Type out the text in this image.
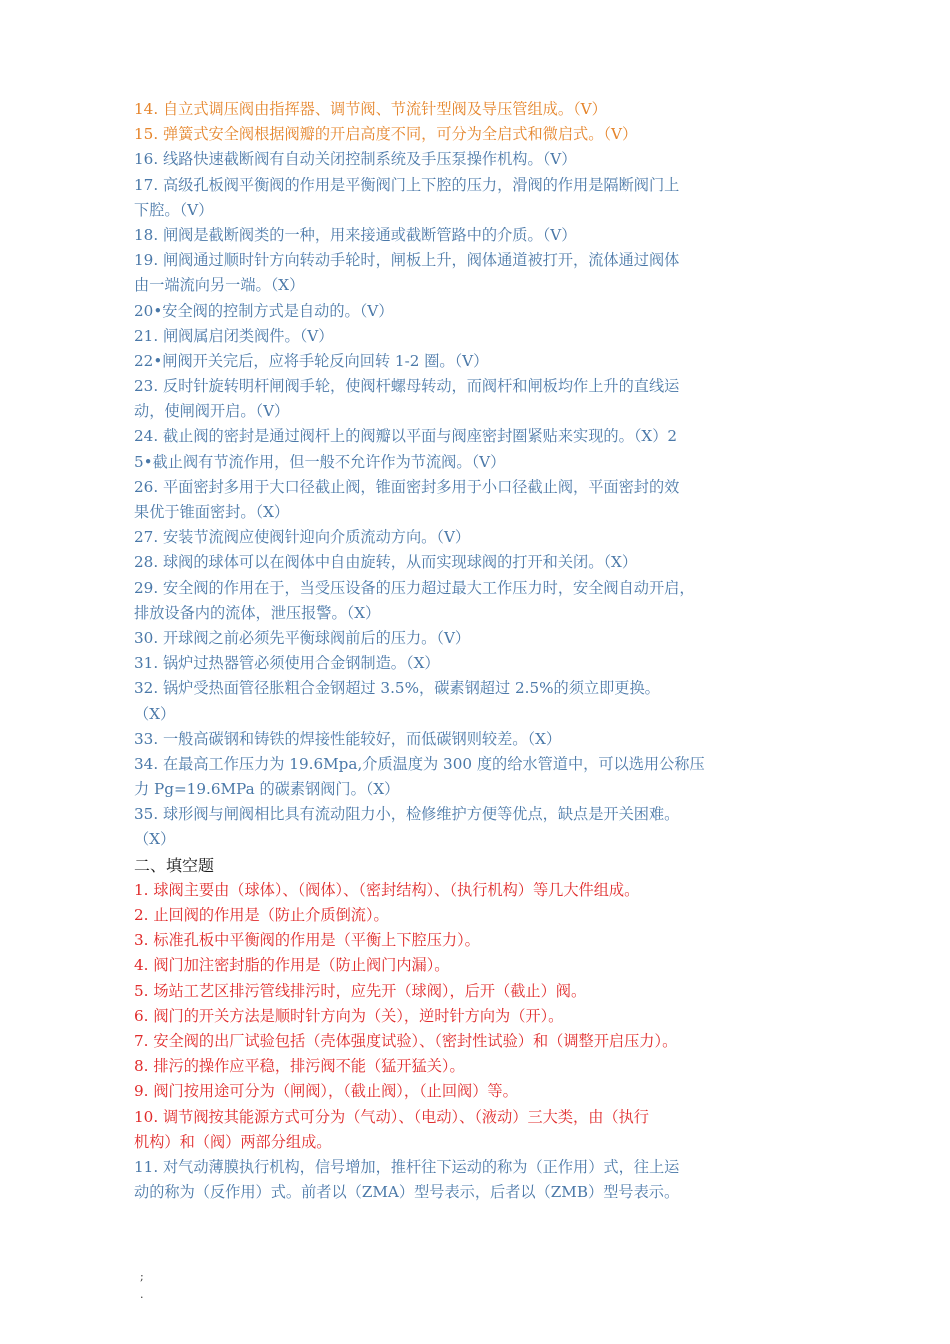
14. 自立式调压阀由指挥器、调节阀、节流针型阀及导压管组成。（V）
15. 弹簧式安全阀根据阀瓣的开启高度不同，可分为全启式和微启式。（V）
16. 线路快速截断阀有自动关闭控制系统及手压泵操作机构。（V）
17. 高级孔板阀平衡阀的作用是平衡阀门上下腔的压力，滑阀的作用是隔断阀门上
下腔。（V）
18. 闸阀是截断阀类的一种，用来接通或截断管路中的介质。（V）
19. 闸阀通过顺时针方向转动手轮时，闸板上升，阀体通道被打开，流体通过阀体
由一端流向另一端。（X）
20•安全阀的控制方式是自动的。（V）
21. 闸阀属启闭类阀件。（V）
22•闸阀开关完后，应将手轮反向回转 1-2 圈。（V）
23. 反时针旋转明杆闸阀手轮，使阀杆螺母转动，而阀杆和闸板均作上升的直线运
动，使闸阀开启。（V）
24. 截止阀的密封是通过阀杆上的阀瓣以平面与阀座密封圈紧贴来实现的。（X）2
5•截止阀有节流作用，但一般不允许作为节流阀。（V）
26. 平面密封多用于大口径截止阀，锥面密封多用于小口径截止阀，平面密封的效
果优于锥面密封。（X）
27. 安装节流阀应使阀针迎向介质流动方向。（V）
28. 球阀的球体可以在阀体中自由旋转，从而实现球阀的打开和关闭。（X）
29. 安全阀的作用在于，当受压设备的压力超过最大工作压力时，安全阀自动开启，
排放设备内的流体，泄压报警。（X）
30. 开球阀之前必须先平衡球阀前后的压力。（V）
31. 锅炉过热器管必须使用合金钢制造。（X）
32. 锅炉受热面管径胀粗合金钢超过 3.5%，碳素钢超过 2.5%的须立即更换。
（X）
33. 一般高碳钢和铸铁的焊接性能较好，而低碳钢则较差。（X）
34. 在最高工作压力为 19.6Mpa,介质温度为 300 度的给水管道中，可以选用公称压
力 Pg=19.6MPa 的碳素钢阀门。（X）
35. 球形阀与闸阀相比具有流动阻力小，检修维护方便等优点，缺点是开关困难。
（X）
二、填空题
1. 球阀主要由（球体）、（阀体）、（密封结构）、（执行机构）等几大件组成。
2. 止回阀的作用是（防止介质倒流）。
3. 标准孔板中平衡阀的作用是（平衡上下腔压力）。
4. 阀门加注密封脂的作用是（防止阀门内漏）。
5. 场站工艺区排污管线排污时，应先开（球阀），后开（截止）阀。
6. 阀门的开关方法是顺时针方向为（关），逆时针方向为（开）。
7. 安全阀的出厂试验包括（壳体强度试验）、（密封性试验）和（调整开启压力）。
8. 排污的操作应平稳，排污阀不能（猛开猛关）。
9. 阀门按用途可分为（闸阀），（截止阀），（止回阀）等。
10. 调节阀按其能源方式可分为（气动）、（电动）、（液动）三大类，由（执行
机构）和（阀）两部分组成。
11. 对气动薄膜执行机构，信号增加，推杆往下运动的称为（正作用）式，往上运
动的称为（反作用）式。前者以（ZMA）型号表示，后者以（ZMB）型号表示。
;
.
